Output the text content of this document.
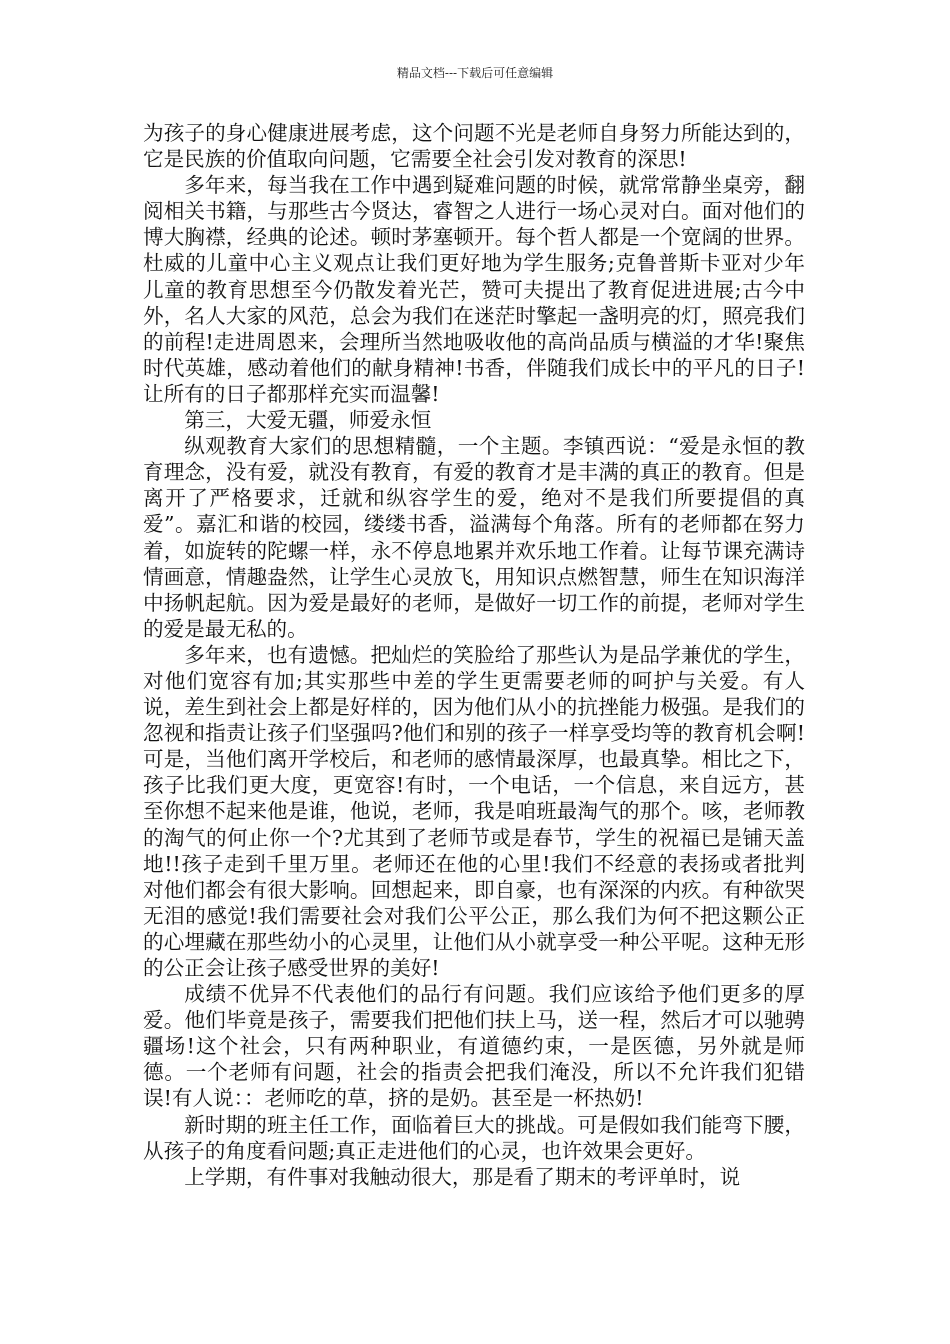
精品文档---下载后可任意编辑

为孩子的身心健康进展考虑，这个问题不光是老师自身努力所能达到的，它是民族的价值取向问题，它需要全社会引发对教育的深思!

多年来，每当我在工作中遇到疑难问题的时候，就常常静坐桌旁，翻阅相关书籍，与那些古今贤达，睿智之人进行一场心灵对白。面对他们的博大胸襟，经典的论述。顿时茅塞顿开。每个哲人都是一个宽阔的世界。杜威的儿童中心主义观点让我们更好地为学生服务;克鲁普斯卡亚对少年儿童的教育思想至今仍散发着光芒，赞可夫提出了教育促进进展;古今中外，名人大家的风范，总会为我们在迷茫时擎起一盏明亮的灯，照亮我们的前程!走进周恩来，会理所当然地吸收他的高尚品质与横溢的才华!聚焦时代英雄，感动着他们的献身精神!书香，伴随我们成长中的平凡的日子!让所有的日子都那样充实而温馨!

第三，大爱无疆，师爱永恒

纵观教育大家们的思想精髓，一个主题。李镇西说：“爱是永恒的教育理念，没有爱，就没有教育，有爱的教育才是丰满的真正的教育。但是离开了严格要求，迁就和纵容学生的爱，绝对不是我们所要提倡的真爱”。嘉汇和谐的校园，缕缕书香，溢满每个角落。所有的老师都在努力着，如旋转的陀螺一样，永不停息地累并欢乐地工作着。让每节课充满诗情画意，情趣盎然，让学生心灵放飞，用知识点燃智慧，师生在知识海洋中扬帆起航。因为爱是最好的老师，是做好一切工作的前提，老师对学生的爱是最无私的。

多年来，也有遗憾。把灿烂的笑脸给了那些认为是品学兼优的学生，对他们宽容有加;其实那些中差的学生更需要老师的呵护与关爱。有人说，差生到社会上都是好样的，因为他们从小的抗挫能力极强。是我们的忽视和指责让孩子们坚强吗?他们和别的孩子一样享受均等的教育机会啊!可是，当他们离开学校后，和老师的感情最深厚，也最真挚。相比之下，孩子比我们更大度，更宽容!有时，一个电话，一个信息，来自远方，甚至你想不起来他是谁，他说，老师，我是咱班最淘气的那个。咳，老师教的淘气的何止你一个?尤其到了老师节或是春节，学生的祝福已是铺天盖地!!孩子走到千里万里。老师还在他的心里!我们不经意的表扬或者批判对他们都会有很大影响。回想起来，即自豪，也有深深的内疚。有种欲哭无泪的感觉!我们需要社会对我们公平公正，那么我们为何不把这颗公正的心埋藏在那些幼小的心灵里，让他们从小就享受一种公平呢。这种无形的公正会让孩子感受世界的美好!

成绩不优异不代表他们的品行有问题。我们应该给予他们更多的厚爱。他们毕竟是孩子，需要我们把他们扶上马，送一程，然后才可以驰骋疆场!这个社会，只有两种职业，有道德约束，一是医德，另外就是师德。一个老师有问题，社会的指责会把我们淹没，所以不允许我们犯错误!有人说：：老师吃的草，挤的是奶。甚至是一杯热奶!

新时期的班主任工作，面临着巨大的挑战。可是假如我们能弯下腰，从孩子的角度看问题;真正走进他们的心灵，也许效果会更好。

上学期，有件事对我触动很大，那是看了期末的考评单时，说
